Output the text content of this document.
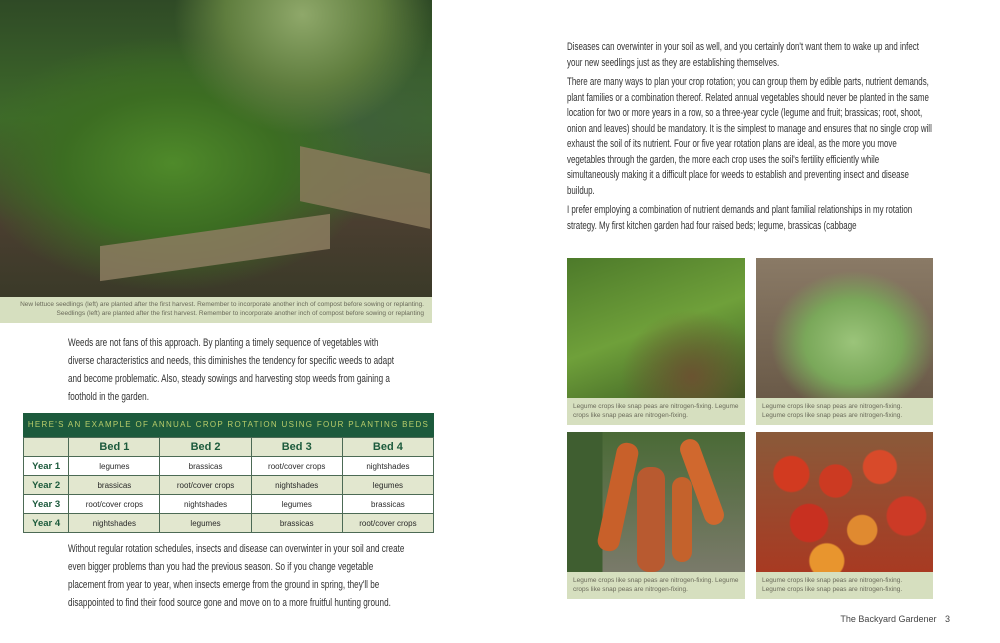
New lettuce seedlings (left) are planted after the first harvest. Remember to incorporate another inch of compost before sowing or replanting.
Seedlings (left) are planted after the first harvest. Remember to incorporate another inch of compost before sowing or replanting

Weeds are not fans of this approach. By planting a timely sequence of vegetables with diverse characteristics and needs, this diminishes the tendency for specific weeds to adapt and become problematic. Also, steady sowings and harvesting stop weeds from gaining a foothold in the garden.

HERE'S AN EXAMPLE OF ANNUAL CROP ROTATION USING FOUR PLANTING BEDS
	Bed 1	Bed 2	Bed 3	Bed 4
Year 1	legumes	brassicas	root/cover crops	nightshades
Year 2	brassicas	root/cover crops	nightshades	legumes
Year 3	root/cover crops	nightshades	legumes	brassicas
Year 4	nightshades	legumes	brassicas	root/cover crops

Without regular rotation schedules, insects and disease can overwinter in your soil and create even bigger problems than you had the previous season. So if you change vegetable placement from year to year, when insects emerge from the ground in spring, they'll be disappointed to find their food source gone and move on to a more fruitful hunting ground.

Diseases can overwinter in your soil as well, and you certainly don't want them to wake up and infect your new seedlings just as they are establishing themselves.

There are many ways to plan your crop rotation; you can group them by edible parts, nutrient demands, plant families or a combination thereof. Related annual vegetables should never be planted in the same location for two or more years in a row, so a three-year cycle (legume and fruit; brassicas; root, shoot, onion and leaves) should be mandatory. It is the simplest to manage and ensures that no single crop will exhaust the soil of its nutrient. Four or five year rotation plans are ideal, as the more you move vegetables through the garden, the more each crop uses the soil's fertility efficiently while simultaneously making it a difficult place for weeds to establish and preventing insect and disease buildup.

I prefer employing a combination of nutrient demands and plant familial relationships in my rotation strategy. My first kitchen garden had four raised beds; legume, brassicas (cabbage

Legume crops like snap peas are nitrogen-fixing. Legume crops like snap peas are nitrogen-fixing.
Legume crops like snap peas are nitrogen-fixing. Legume crops like snap peas are nitrogen-fixing.
Legume crops like snap peas are nitrogen-fixing. Legume crops like snap peas are nitrogen-fixing.
Legume crops like snap peas are nitrogen-fixing. Legume crops like snap peas are nitrogen-fixing.
The Backyard Gardener 3
